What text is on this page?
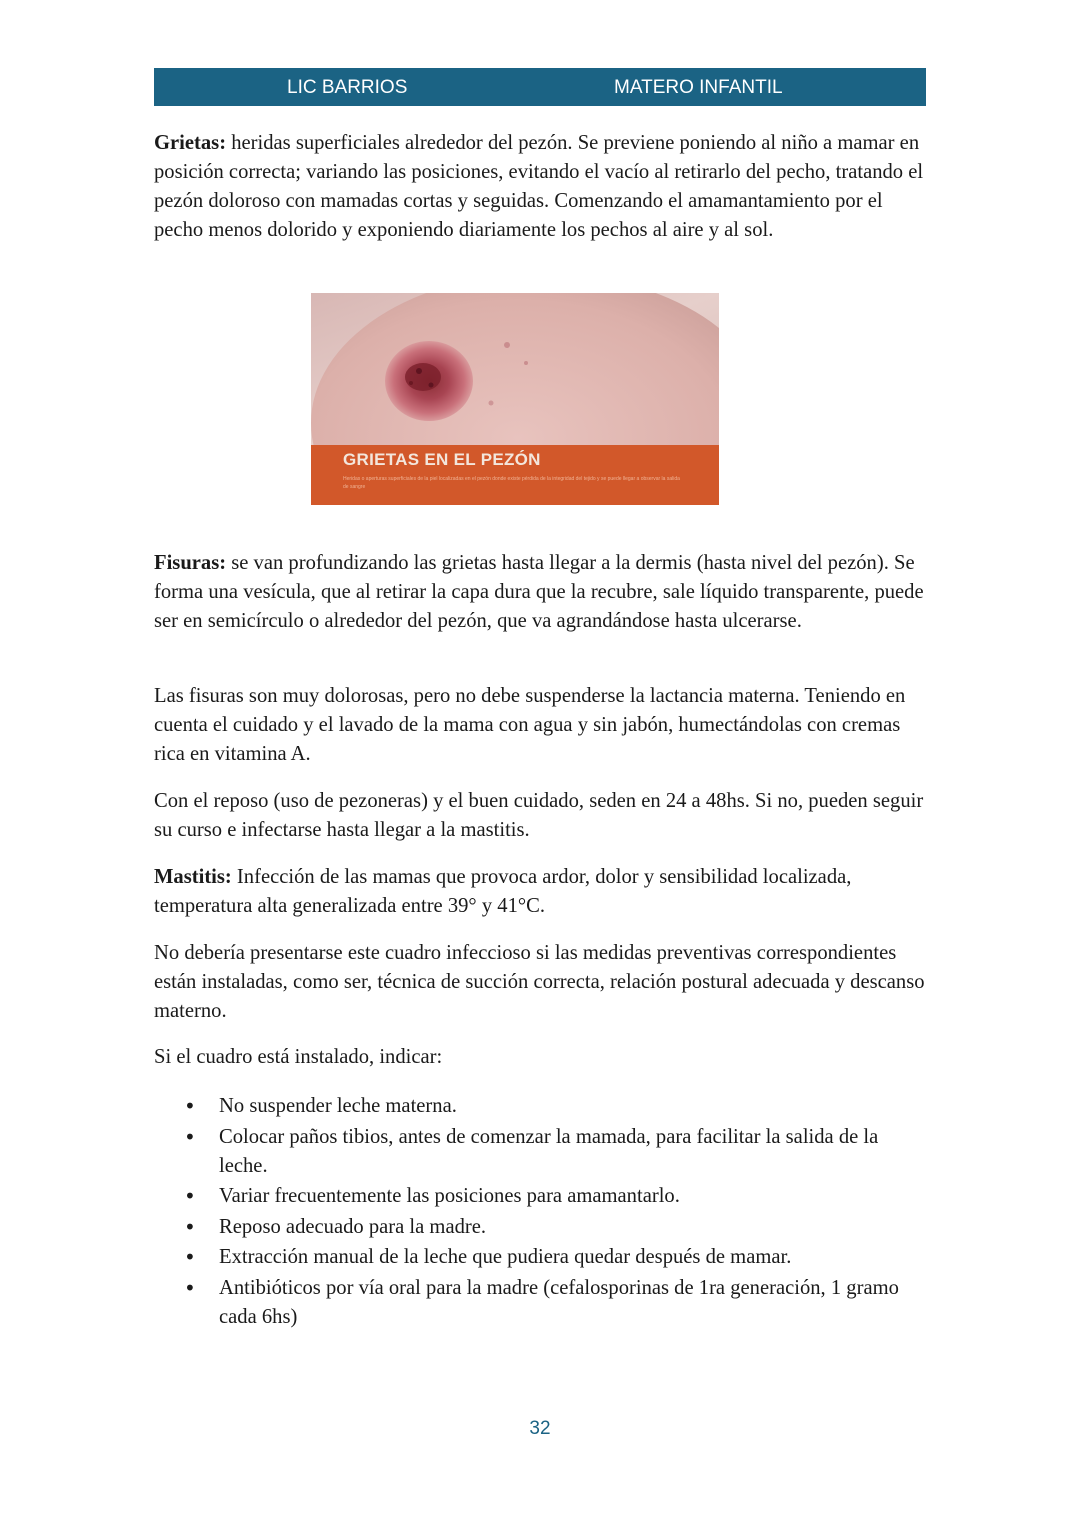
LIC BARRIOS	MATERO INFANTIL

Grietas: heridas superficiales alrededor del pezón. Se previene poniendo al niño a mamar en posición correcta; variando las posiciones, evitando el vacío al retirarlo del pecho, tratando el pezón doloroso con mamadas cortas y seguidas. Comenzando el amamantamiento por el pecho menos dolorido y exponiendo diariamente los pechos al aire y al sol.

GRIETAS EN EL PEZÓN
Heridas o aperturas superficiales de la piel localizadas en el pezón donde existe pérdida de la integridad del tejido y se puede llegar a observar la salida de sangre

Fisuras: se van profundizando las grietas hasta llegar a la dermis (hasta nivel del pezón). Se forma una vesícula, que al retirar la capa dura que la recubre, sale líquido transparente, puede ser en semicírculo o alrededor del pezón, que va agrandándose hasta ulcerarse.

Las fisuras son muy dolorosas, pero no debe suspenderse la lactancia materna. Teniendo en cuenta el cuidado y el lavado de la mama con agua y sin jabón, humectándolas con cremas rica en vitamina A.

Con el reposo (uso de pezoneras) y el buen cuidado, seden en 24 a 48hs. Si no, pueden seguir su curso e infectarse hasta llegar a la mastitis.

Mastitis: Infección de las mamas que provoca ardor, dolor y sensibilidad localizada, temperatura alta generalizada entre 39° y 41°C.

No debería presentarse este cuadro infeccioso si las medidas preventivas correspondientes están instaladas, como ser, técnica de succión correcta, relación postural adecuada y descanso materno.

Si el cuadro está instalado, indicar:

• No suspender leche materna.
• Colocar paños tibios, antes de comenzar la mamada, para facilitar la salida de la leche.
• Variar frecuentemente las posiciones para amamantarlo.
• Reposo adecuado para la madre.
• Extracción manual de la leche que pudiera quedar después de mamar.
• Antibióticos por vía oral para la madre (cefalosporinas de 1ra generación, 1 gramo cada 6hs)
32
